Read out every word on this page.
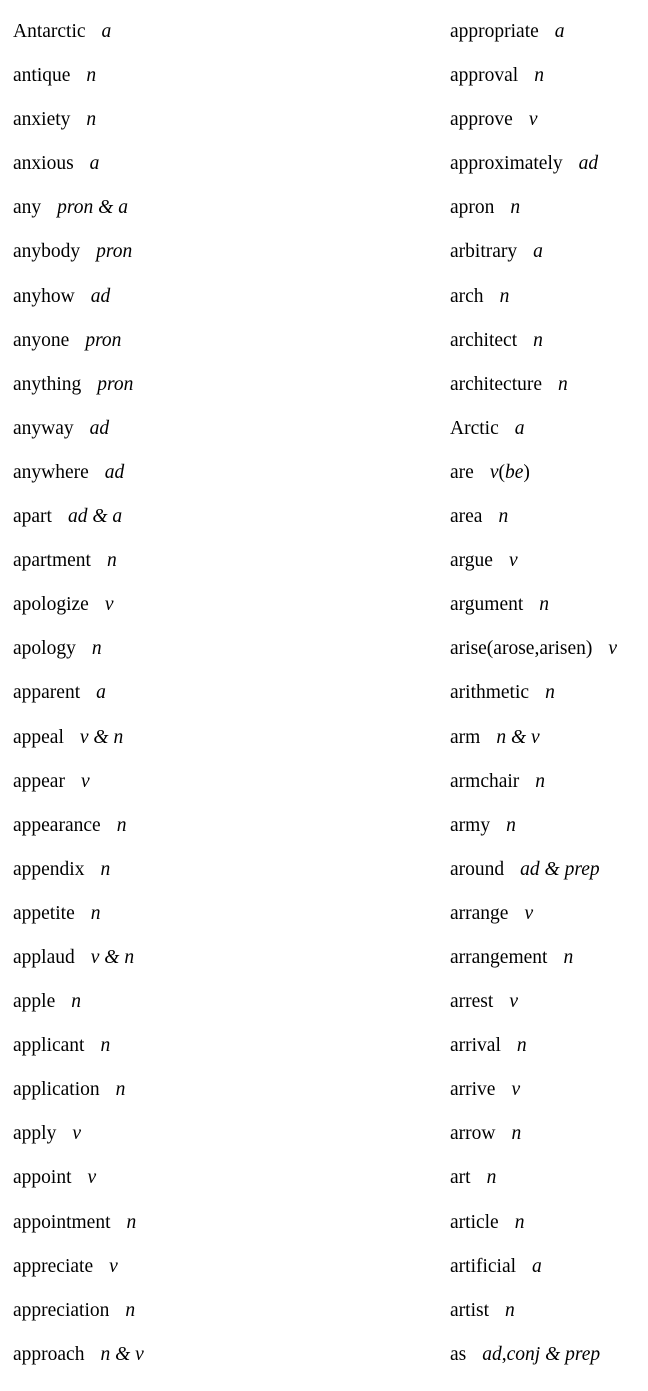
Antarctic a
antique n
anxiety n
anxious a
any pron & a
anybody pron
anyhow ad
anyone pron
anything pron
anyway ad
anywhere ad
apart ad & a
apartment n
apologize v
apology n
apparent a
appeal v & n
appear v
appearance n
appendix n
appetite n
applaud v & n
apple n
applicant n
application n
apply v
appoint v
appointment n
appreciate v
appreciation n
approach n & v
appropriate a
approval n
approve v
approximately ad
apron n
arbitrary a
arch n
architect n
architecture n
Arctic a
are v(be)
area n
argue v
argument n
arise(arose,arisen) v
arithmetic n
arm n & v
armchair n
army n
around ad & prep
arrange v
arrangement n
arrest v
arrival n
arrive v
arrow n
art n
article n
artificial a
artist n
as ad,conj & prep
